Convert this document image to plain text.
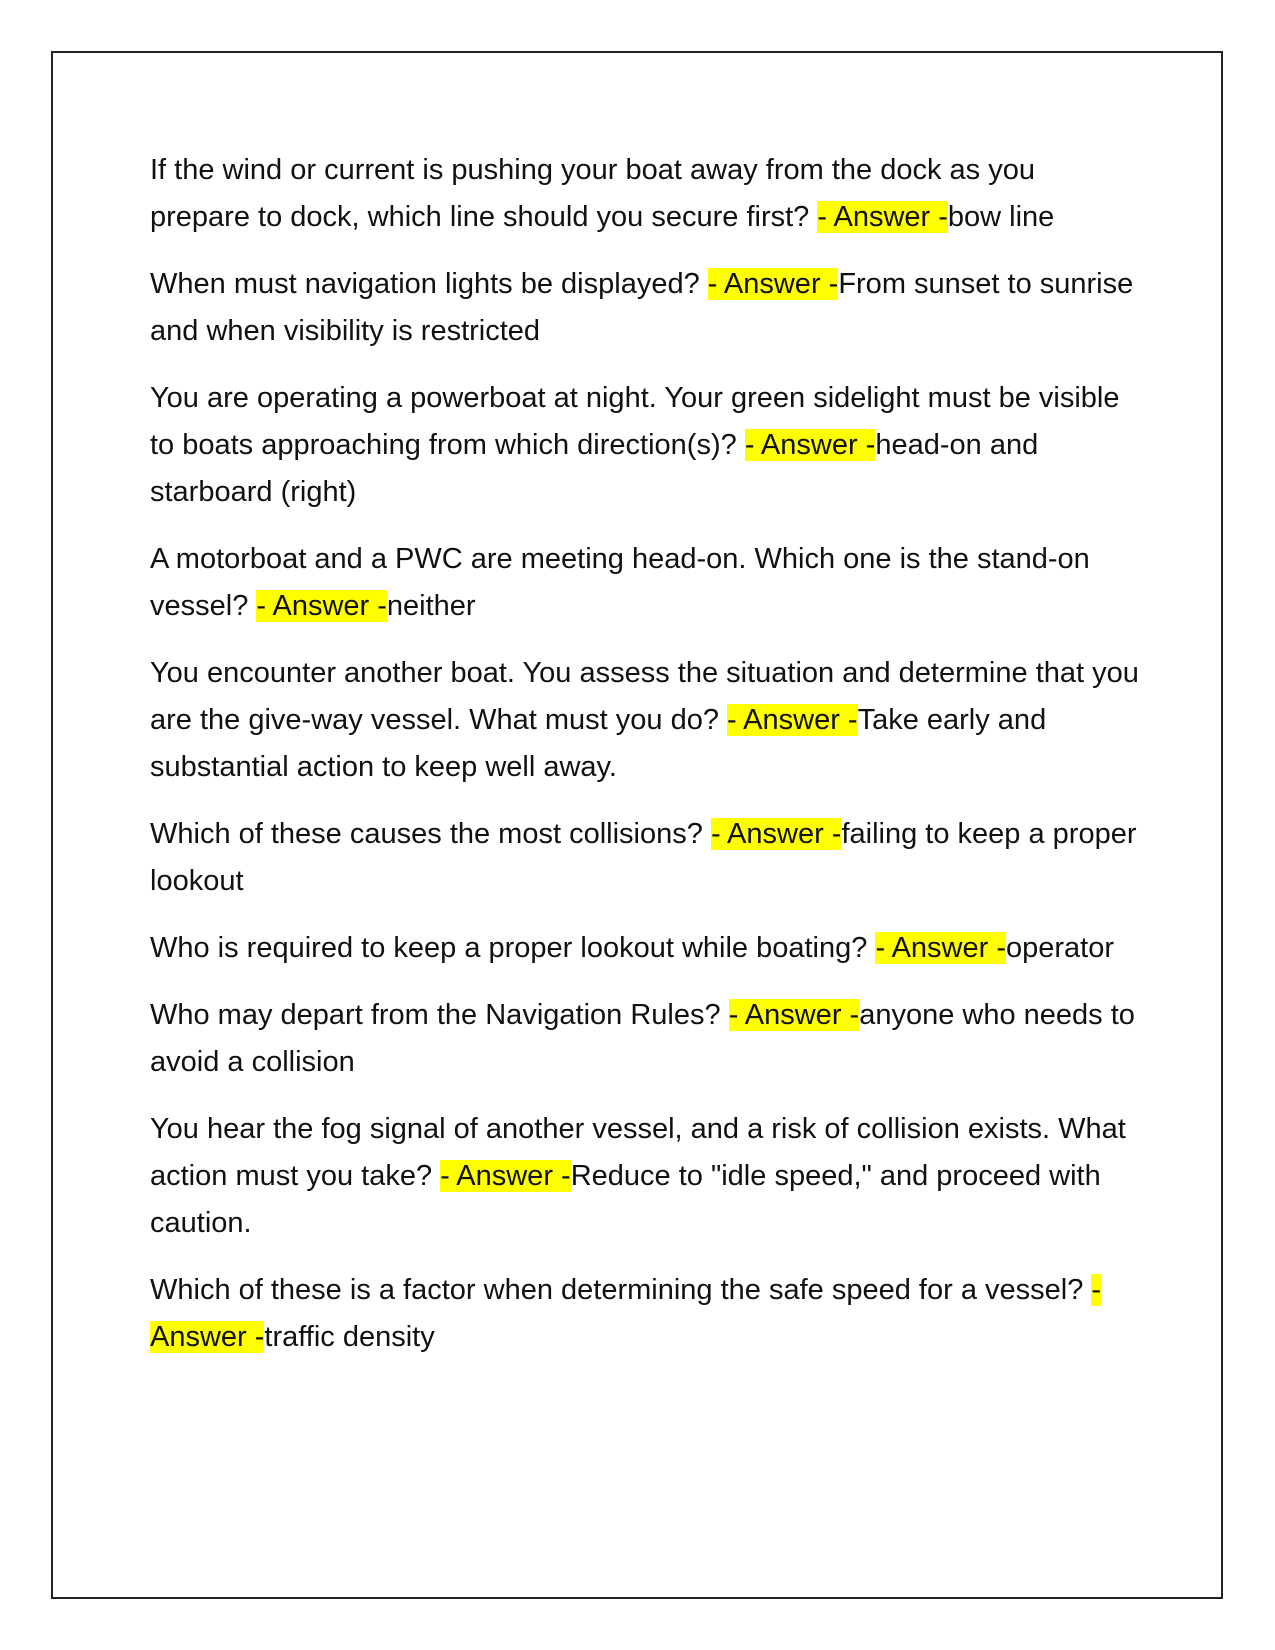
If the wind or current is pushing your boat away from the dock as you prepare to dock, which line should you secure first? - Answer -bow line

When must navigation lights be displayed? - Answer -From sunset to sunrise and when visibility is restricted

You are operating a powerboat at night. Your green sidelight must be visible to boats approaching from which direction(s)? - Answer -head-on and starboard (right)

A motorboat and a PWC are meeting head-on. Which one is the stand-on vessel? - Answer -neither

You encounter another boat. You assess the situation and determine that you are the give-way vessel. What must you do? - Answer -Take early and substantial action to keep well away.

Which of these causes the most collisions? - Answer -failing to keep a proper lookout

Who is required to keep a proper lookout while boating? - Answer -operator

Who may depart from the Navigation Rules? - Answer -anyone who needs to avoid a collision

You hear the fog signal of another vessel, and a risk of collision exists. What action must you take? - Answer -Reduce to "idle speed," and proceed with caution.

Which of these is a factor when determining the safe speed for a vessel? - Answer -traffic density
